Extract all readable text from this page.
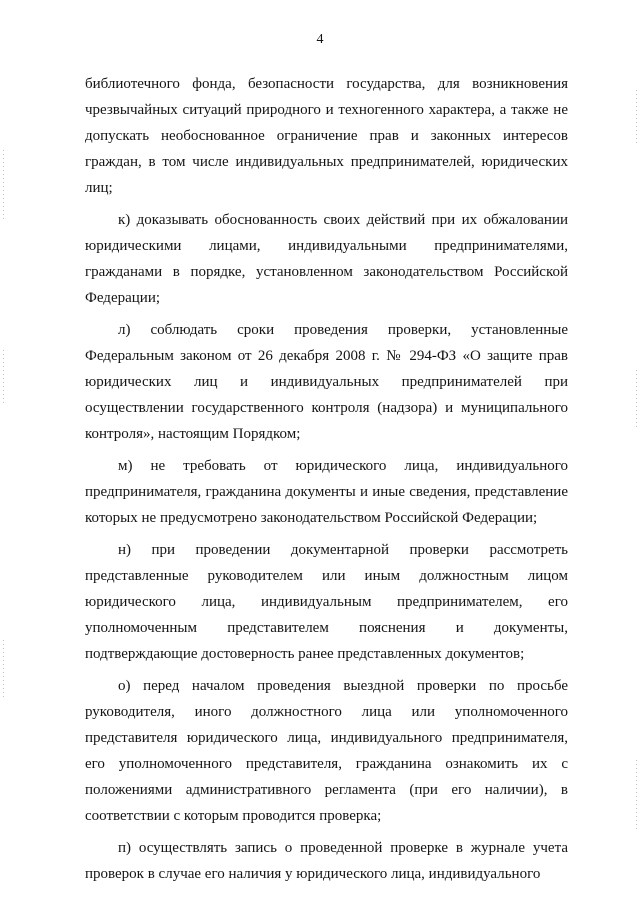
4

библиотечного фонда, безопасности государства, для возникновения чрезвычайных ситуаций природного и техногенного характера, а также не допускать необоснованное ограничение прав и законных интересов граждан, в том числе индивидуальных предпринимателей, юридических лиц;

к) доказывать обоснованность своих действий при их обжаловании юридическими лицами, индивидуальными предпринимателями, гражданами в порядке, установленном законодательством Российской Федерации;

л) соблюдать сроки проведения проверки, установленные Федеральным законом от 26 декабря 2008 г. № 294-ФЗ «О защите прав юридических лиц и индивидуальных предпринимателей при осуществлении государственного контроля (надзора) и муниципального контроля», настоящим Порядком;

м) не требовать от юридического лица, индивидуального предпринимателя, гражданина документы и иные сведения, представление которых не предусмотрено законодательством Российской Федерации;

н) при проведении документарной проверки рассмотреть представленные руководителем или иным должностным лицом юридического лица, индивидуальным предпринимателем, его уполномоченным представителем пояснения и документы, подтверждающие достоверность ранее представленных документов;

о) перед началом проведения выездной проверки по просьбе руководителя, иного должностного лица или уполномоченного представителя юридического лица, индивидуального предпринимателя, его уполномоченного представителя, гражданина ознакомить их с положениями административного регламента (при его наличии), в соответствии с которым проводится проверка;

п) осуществлять запись о проведенной проверке в журнале учета проверок в случае его наличия у юридического лица, индивидуального
